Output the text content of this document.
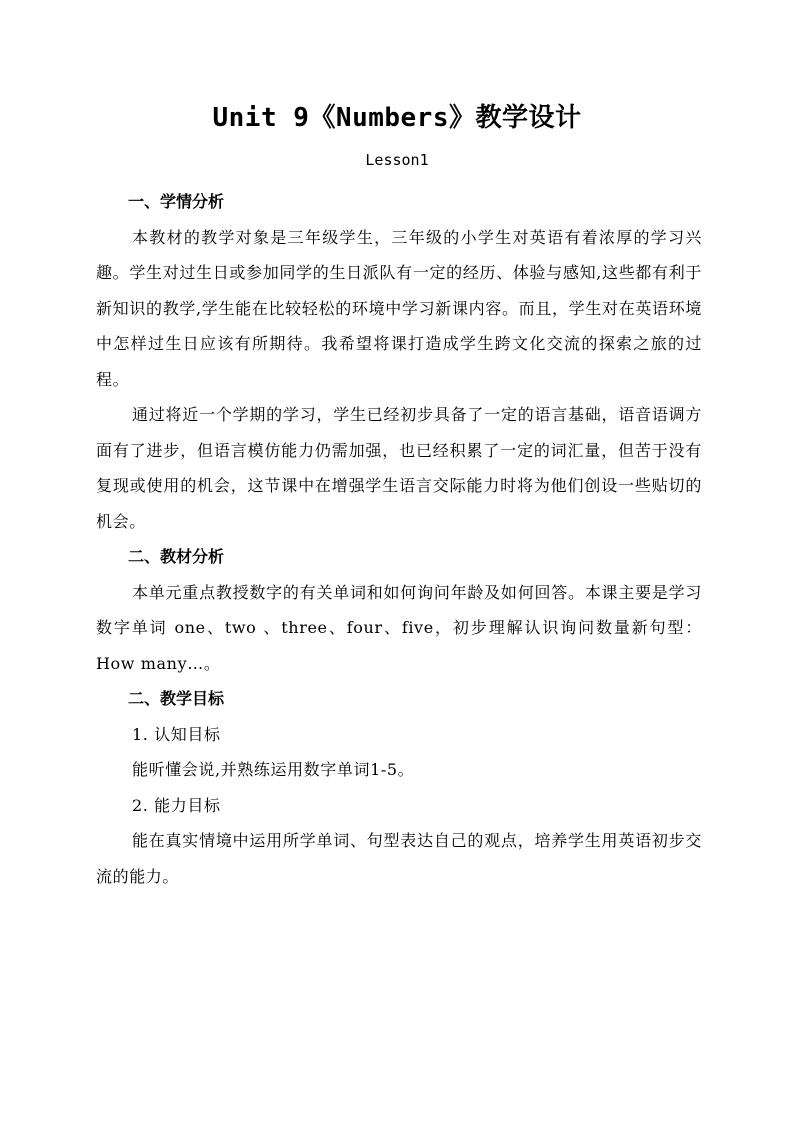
Unit 9《Numbers》教学设计
Lesson1

一、学情分析

本教材的教学对象是三年级学生，三年级的小学生对英语有着浓厚的学习兴趣。学生对过生日或参加同学的生日派队有一定的经历、体验与感知,这些都有利于新知识的教学,学生能在比较轻松的环境中学习新课内容。而且，学生对在英语环境中怎样过生日应该有所期待。我希望将课打造成学生跨文化交流的探索之旅的过程。

通过将近一个学期的学习，学生已经初步具备了一定的语言基础，语音语调方面有了进步，但语言模仿能力仍需加强，也已经积累了一定的词汇量，但苦于没有复现或使用的机会，这节课中在增强学生语言交际能力时将为他们创设一些贴切的机会。

二、教材分析

本单元重点教授数字的有关单词和如何询问年龄及如何回答。本课主要是学习数字单词 one、two 、three、four、five，初步理解认识询问数量新句型：How many…。

二、教学目标

1. 认知目标

能听懂会说,并熟练运用数字单词1-5。

2. 能力目标

能在真实情境中运用所学单词、句型表达自己的观点，培养学生用英语初步交流的能力。
